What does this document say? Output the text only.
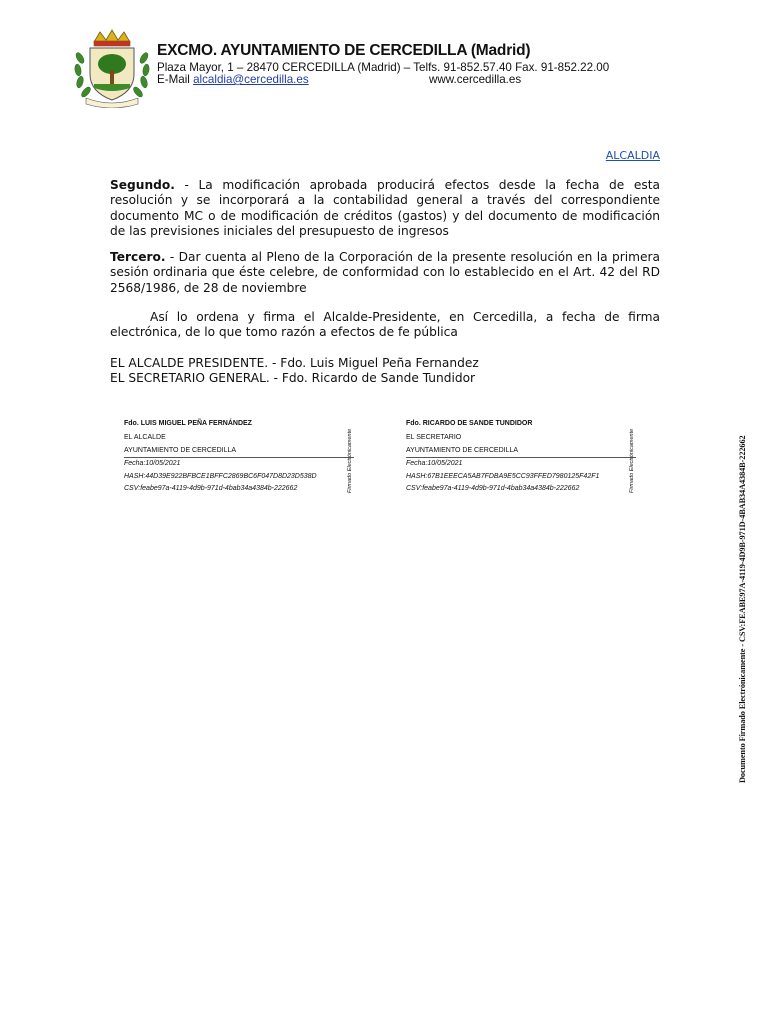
EXCMO. AYUNTAMIENTO DE CERCEDILLA (Madrid)
Plaza Mayor, 1 – 28470 CERCEDILLA (Madrid) – Telfs. 91-852.57.40 Fax. 91-852.22.00
E-Mail alcaldia@cercedilla.es	www.cercedilla.es
ALCALDIA
Segundo. - La modificación aprobada producirá efectos desde la fecha de esta resolución y se incorporará a la contabilidad general a través del correspondiente documento MC o de modificación de créditos (gastos) y del documento de modificación de las previsiones iniciales del presupuesto de ingresos
Tercero. - Dar cuenta al Pleno de la Corporación de la presente resolución en la primera sesión ordinaria que éste celebre, de conformidad con lo establecido en el Art. 42 del RD 2568/1986, de 28 de noviembre
Así lo ordena y firma el Alcalde-Presidente, en Cercedilla, a fecha de firma electrónica, de lo que tomo razón a efectos de fe pública
EL ALCALDE PRESIDENTE. - Fdo. Luis Miguel Peña Fernandez
EL SECRETARIO GENERAL. - Fdo. Ricardo de Sande Tundidor
Fdo. LUIS MIGUEL PEÑA FERNÁNDEZ
EL ALCALDE
AYUNTAMIENTO DE CERCEDILLA
Fecha:10/05/2021
HASH:44D39E922BFBCE1BFFC2869BC6F047D8D23D538D
CSV:feabe97a-4119-4d9b-971d-4bab34a4384b-222662	Firmado Electrónicamente
Fdo. RICARDO DE SANDE TUNDIDOR
EL SECRETARIO
AYUNTAMIENTO DE CERCEDILLA
Fecha:10/05/2021
HASH:67B1EEECA5AB7FDBA9E5CC93FFED7980125F42F1
CSV:feabe97a-4119-4d9b-971d-4bab34a4384b-222662	Firmado Electrónicamente	Documento Firmado Electrónicamente - CSV:FEABE97A-4119-4D9B-971D-4BAB34A4384B-222662
